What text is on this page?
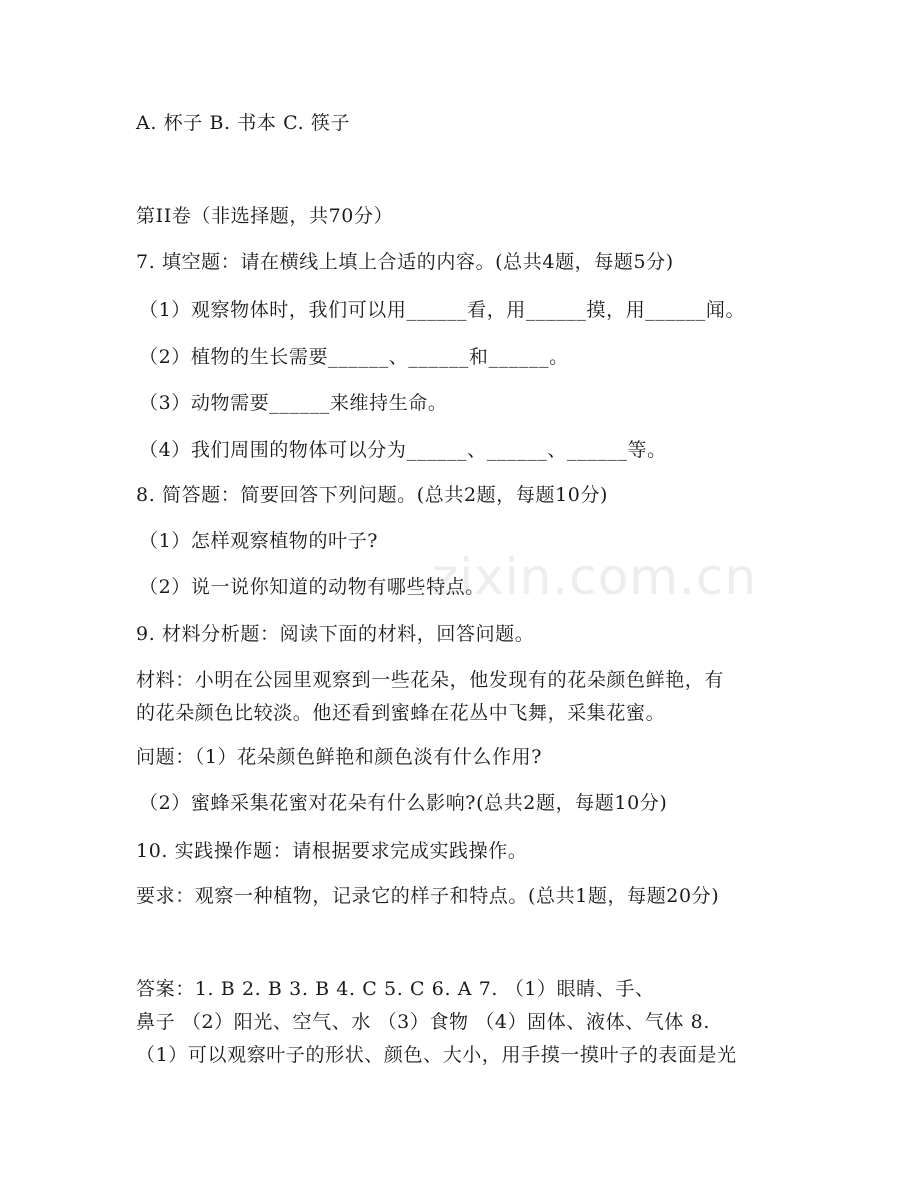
zixin.com.cn
A. 杯子 B. 书本 C. 筷子
第II卷（非选择题，共70分）
7. 填空题：请在横线上填上合适的内容。(总共4题，每题5分)
（1）观察物体时，我们可以用______看，用______摸，用______闻。
（2）植物的生长需要______、______和______。
（3）动物需要______来维持生命。
（4）我们周围的物体可以分为______、______、______等。
8. 简答题：简要回答下列问题。(总共2题，每题10分)
（1）怎样观察植物的叶子?
（2）说一说你知道的动物有哪些特点。
9. 材料分析题：阅读下面的材料，回答问题。
材料：小明在公园里观察到一些花朵，他发现有的花朵颜色鲜艳，有
的花朵颜色比较淡。他还看到蜜蜂在花丛中飞舞，采集花蜜。
问题：（1）花朵颜色鲜艳和颜色淡有什么作用?
（2）蜜蜂采集花蜜对花朵有什么影响?(总共2题，每题10分)
10. 实践操作题：请根据要求完成实践操作。
要求：观察一种植物，记录它的样子和特点。(总共1题，每题20分)
答案：1. B 2. B 3. B 4. C 5. C 6. A 7. （1）眼睛、手、
鼻子 （2）阳光、空气、水 （3）食物 （4）固体、液体、气体 8.
（1）可以观察叶子的形状、颜色、大小，用手摸一摸叶子的表面是光
